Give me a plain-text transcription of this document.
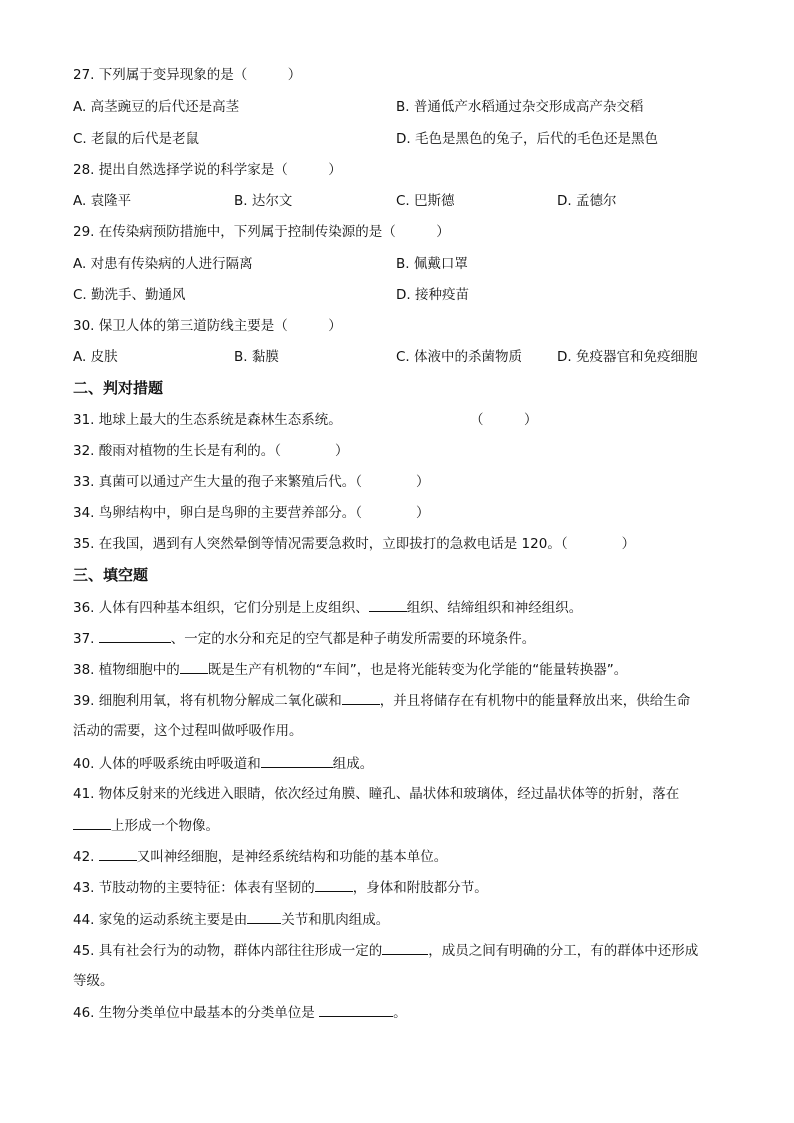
27. 下列属于变异现象的是（　　　）
A. 高茎豌豆的后代还是高茎	B. 普通低产水稻通过杂交形成高产杂交稻
C. 老鼠的后代是老鼠	D. 毛色是黑色的兔子，后代的毛色还是黑色
28. 提出自然选择学说的科学家是（　　　）
A. 袁隆平	B. 达尔文	C. 巴斯德	D. 孟德尔
29. 在传染病预防措施中，下列属于控制传染源的是（　　　）
A. 对患有传染病的人进行隔离	B. 佩戴口罩
C. 勤洗手、勤通风	D. 接种疫苗
30. 保卫人体的第三道防线主要是（　　　）
A. 皮肤	B. 黏膜	C. 体液中的杀菌物质	D. 免疫器官和免疫细胞
二、判对措题
31. 地球上最大的生态系统是森林生态系统。	（　　　）
32. 酸雨对植物的生长是有利的。（　　　　）
33. 真菌可以通过产生大量的孢子来繁殖后代。（　　　　）
34. 鸟卵结构中，卵白是鸟卵的主要营养部分。（　　　　）
35. 在我国，遇到有人突然晕倒等情况需要急救时，立即拔打的急救电话是 120。（　　　　）
三、填空题
36. 人体有四种基本组织，它们分别是上皮组织、	组织、结缔组织和神经组织。
37.	、一定的水分和充足的空气都是种子萌发所需要的环境条件。
38. 植物细胞中的 既是生产有机物的“车间”，也是将光能转变为化学能的“能量转换器”。
39. 细胞利用氧，将有机物分解成二氧化碳和	，并且将储存在有机物中的能量释放出来，供给生命
活动的需要，这个过程叫做呼吸作用。
40. 人体的呼吸系统由呼吸道和	组成。
41. 物体反射来的光线进入眼睛，依次经过角膜、瞳孔、晶状体和玻璃体，经过晶状体等的折射，落在
上形成一个物像。
42.	又叫神经细胞，是神经系统结构和功能的基本单位。
43. 节肢动物的主要特征：体表有坚韧的	，身体和附肢都分节。
44. 家兔的运动系统主要是由	关节和肌肉组成。
45. 具有社会行为的动物，群体内部往往形成一定的	，成员之间有明确的分工，有的群体中还形成
等级。
46. 生物分类单位中最基本的分类单位是	。
